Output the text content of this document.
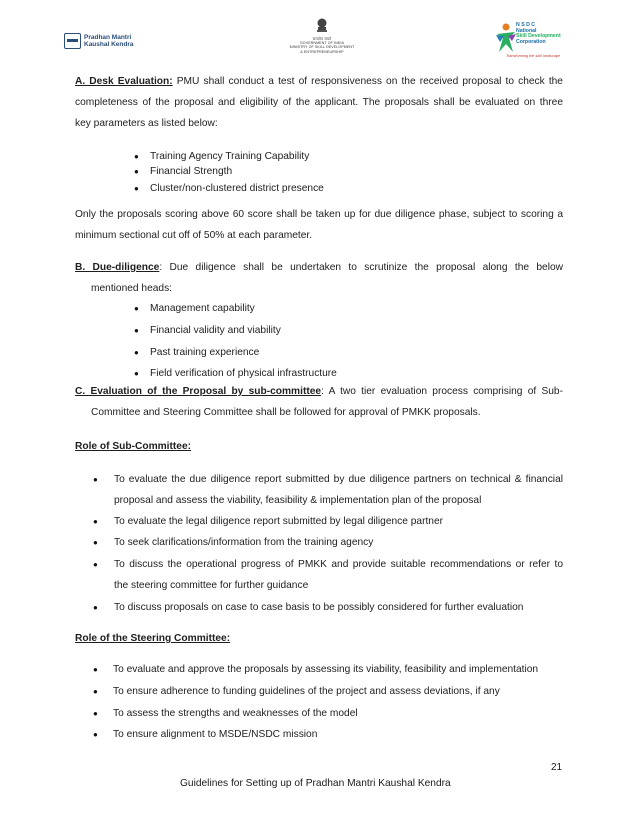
Pradhan Mantri
Kaushal Kendra
सत्यमेव जयते
GOVERNMENT OF INDIA
MINISTRY OF SKILL DEVELOPMENT
& ENTREPRENEURSHIP
N S D C
National
Skill Development
Corporation
Transforming the skill landscape
A. Desk Evaluation: PMU shall conduct a test of responsiveness on the received proposal to check the
completeness of the proposal and eligibility of the applicant. The proposals shall be evaluated on three
key parameters as listed below:
● Training Agency Training Capability
● Financial Strength
● Cluster/non-clustered district presence
Only the proposals scoring above 60 score shall be taken up for due diligence phase, subject to scoring a
minimum sectional cut off of 50% at each parameter.
B. Due-diligence: Due diligence shall be undertaken to scrutinize the proposal along the below
mentioned heads:
● Management capability
● Financial validity and viability
● Past training experience
● Field verification of physical infrastructure
C. Evaluation of the Proposal by sub-committee: A two tier evaluation process comprising of Sub-
Committee and Steering Committee shall be followed for approval of PMKK proposals.
Role of Sub-Committee:
● To evaluate the due diligence report submitted by due diligence partners on technical & financial
proposal and assess the viability, feasibility & implementation plan of the proposal
● To evaluate the legal diligence report submitted by legal diligence partner
● To seek clarifications/information from the training agency
● To discuss the operational progress of PMKK and provide suitable recommendations or refer to
the steering committee for further guidance
● To discuss proposals on case to case basis to be possibly considered for further evaluation
Role of the Steering Committee:
● To evaluate and approve the proposals by assessing its viability, feasibility and implementation
● To ensure adherence to funding guidelines of the project and assess deviations, if any
● To assess the strengths and weaknesses of the model
● To ensure alignment to MSDE/NSDC mission
21
Guidelines for Setting up of Pradhan Mantri Kaushal Kendra
